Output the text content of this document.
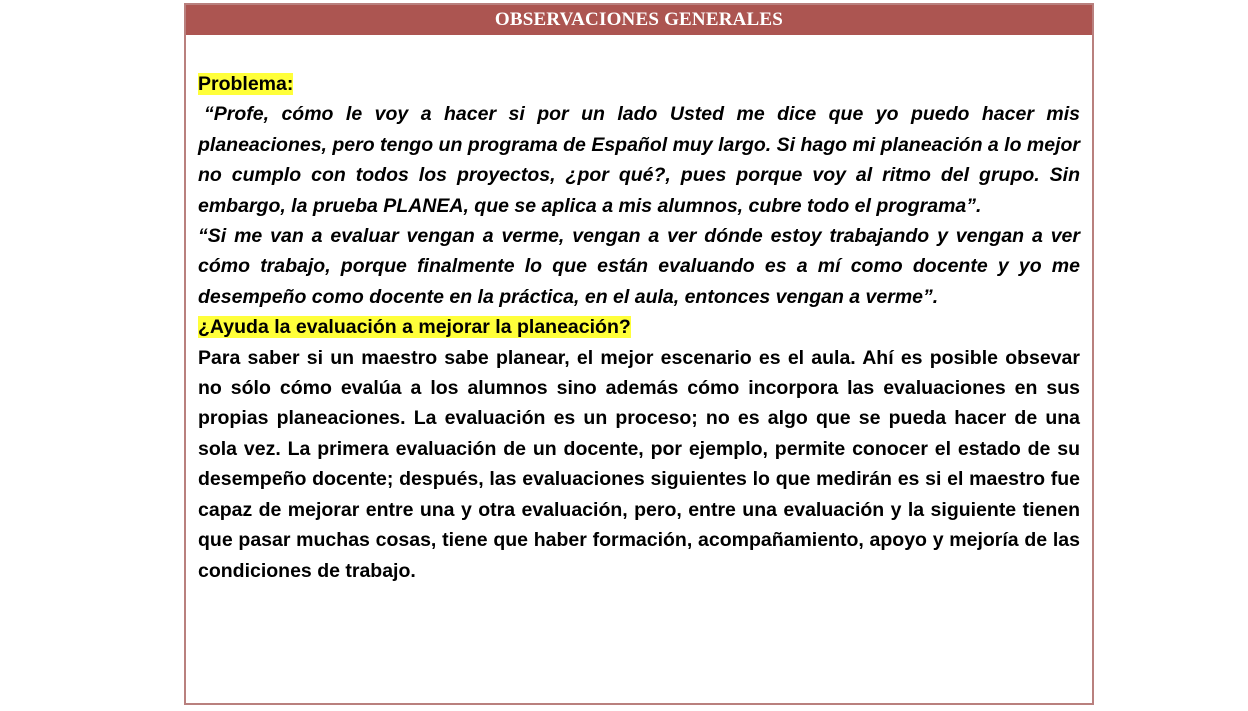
OBSERVACIONES GENERALES
Problema:

“Profe, cómo le voy a hacer si por un lado Usted me dice que yo puedo hacer mis planeaciones, pero tengo un programa de Español muy largo. Si hago mi planeación a lo mejor no cumplo con todos los proyectos, ¿por qué?, pues porque voy al ritmo del grupo. Sin embargo, la prueba PLANEA, que se aplica a mis alumnos, cubre todo el programa”.

“Si me van a evaluar vengan a verme, vengan a ver dónde estoy trabajando y vengan a ver cómo trabajo, porque finalmente lo que están evaluando es a mí como docente y yo me desempeño como docente en la práctica, en el aula, entonces vengan a verme”.

¿Ayuda la evaluación a mejorar la planeación?

Para saber si un maestro sabe planear, el mejor escenario es el aula. Ahí es posible obsevar no sólo cómo evalúa a los alumnos sino además cómo incorpora las evaluaciones en sus propias planeaciones. La evaluación es un proceso; no es algo que se pueda hacer de una sola vez. La primera evaluación de un docente, por ejemplo, permite conocer el estado de su desempeño docente; después, las evaluaciones siguientes lo que medirán es si el maestro fue capaz de mejorar entre una y otra evaluación, pero, entre una evaluación y la siguiente tienen que pasar muchas cosas, tiene que haber formación, acompañamiento, apoyo y mejoría de las condiciones de trabajo.
